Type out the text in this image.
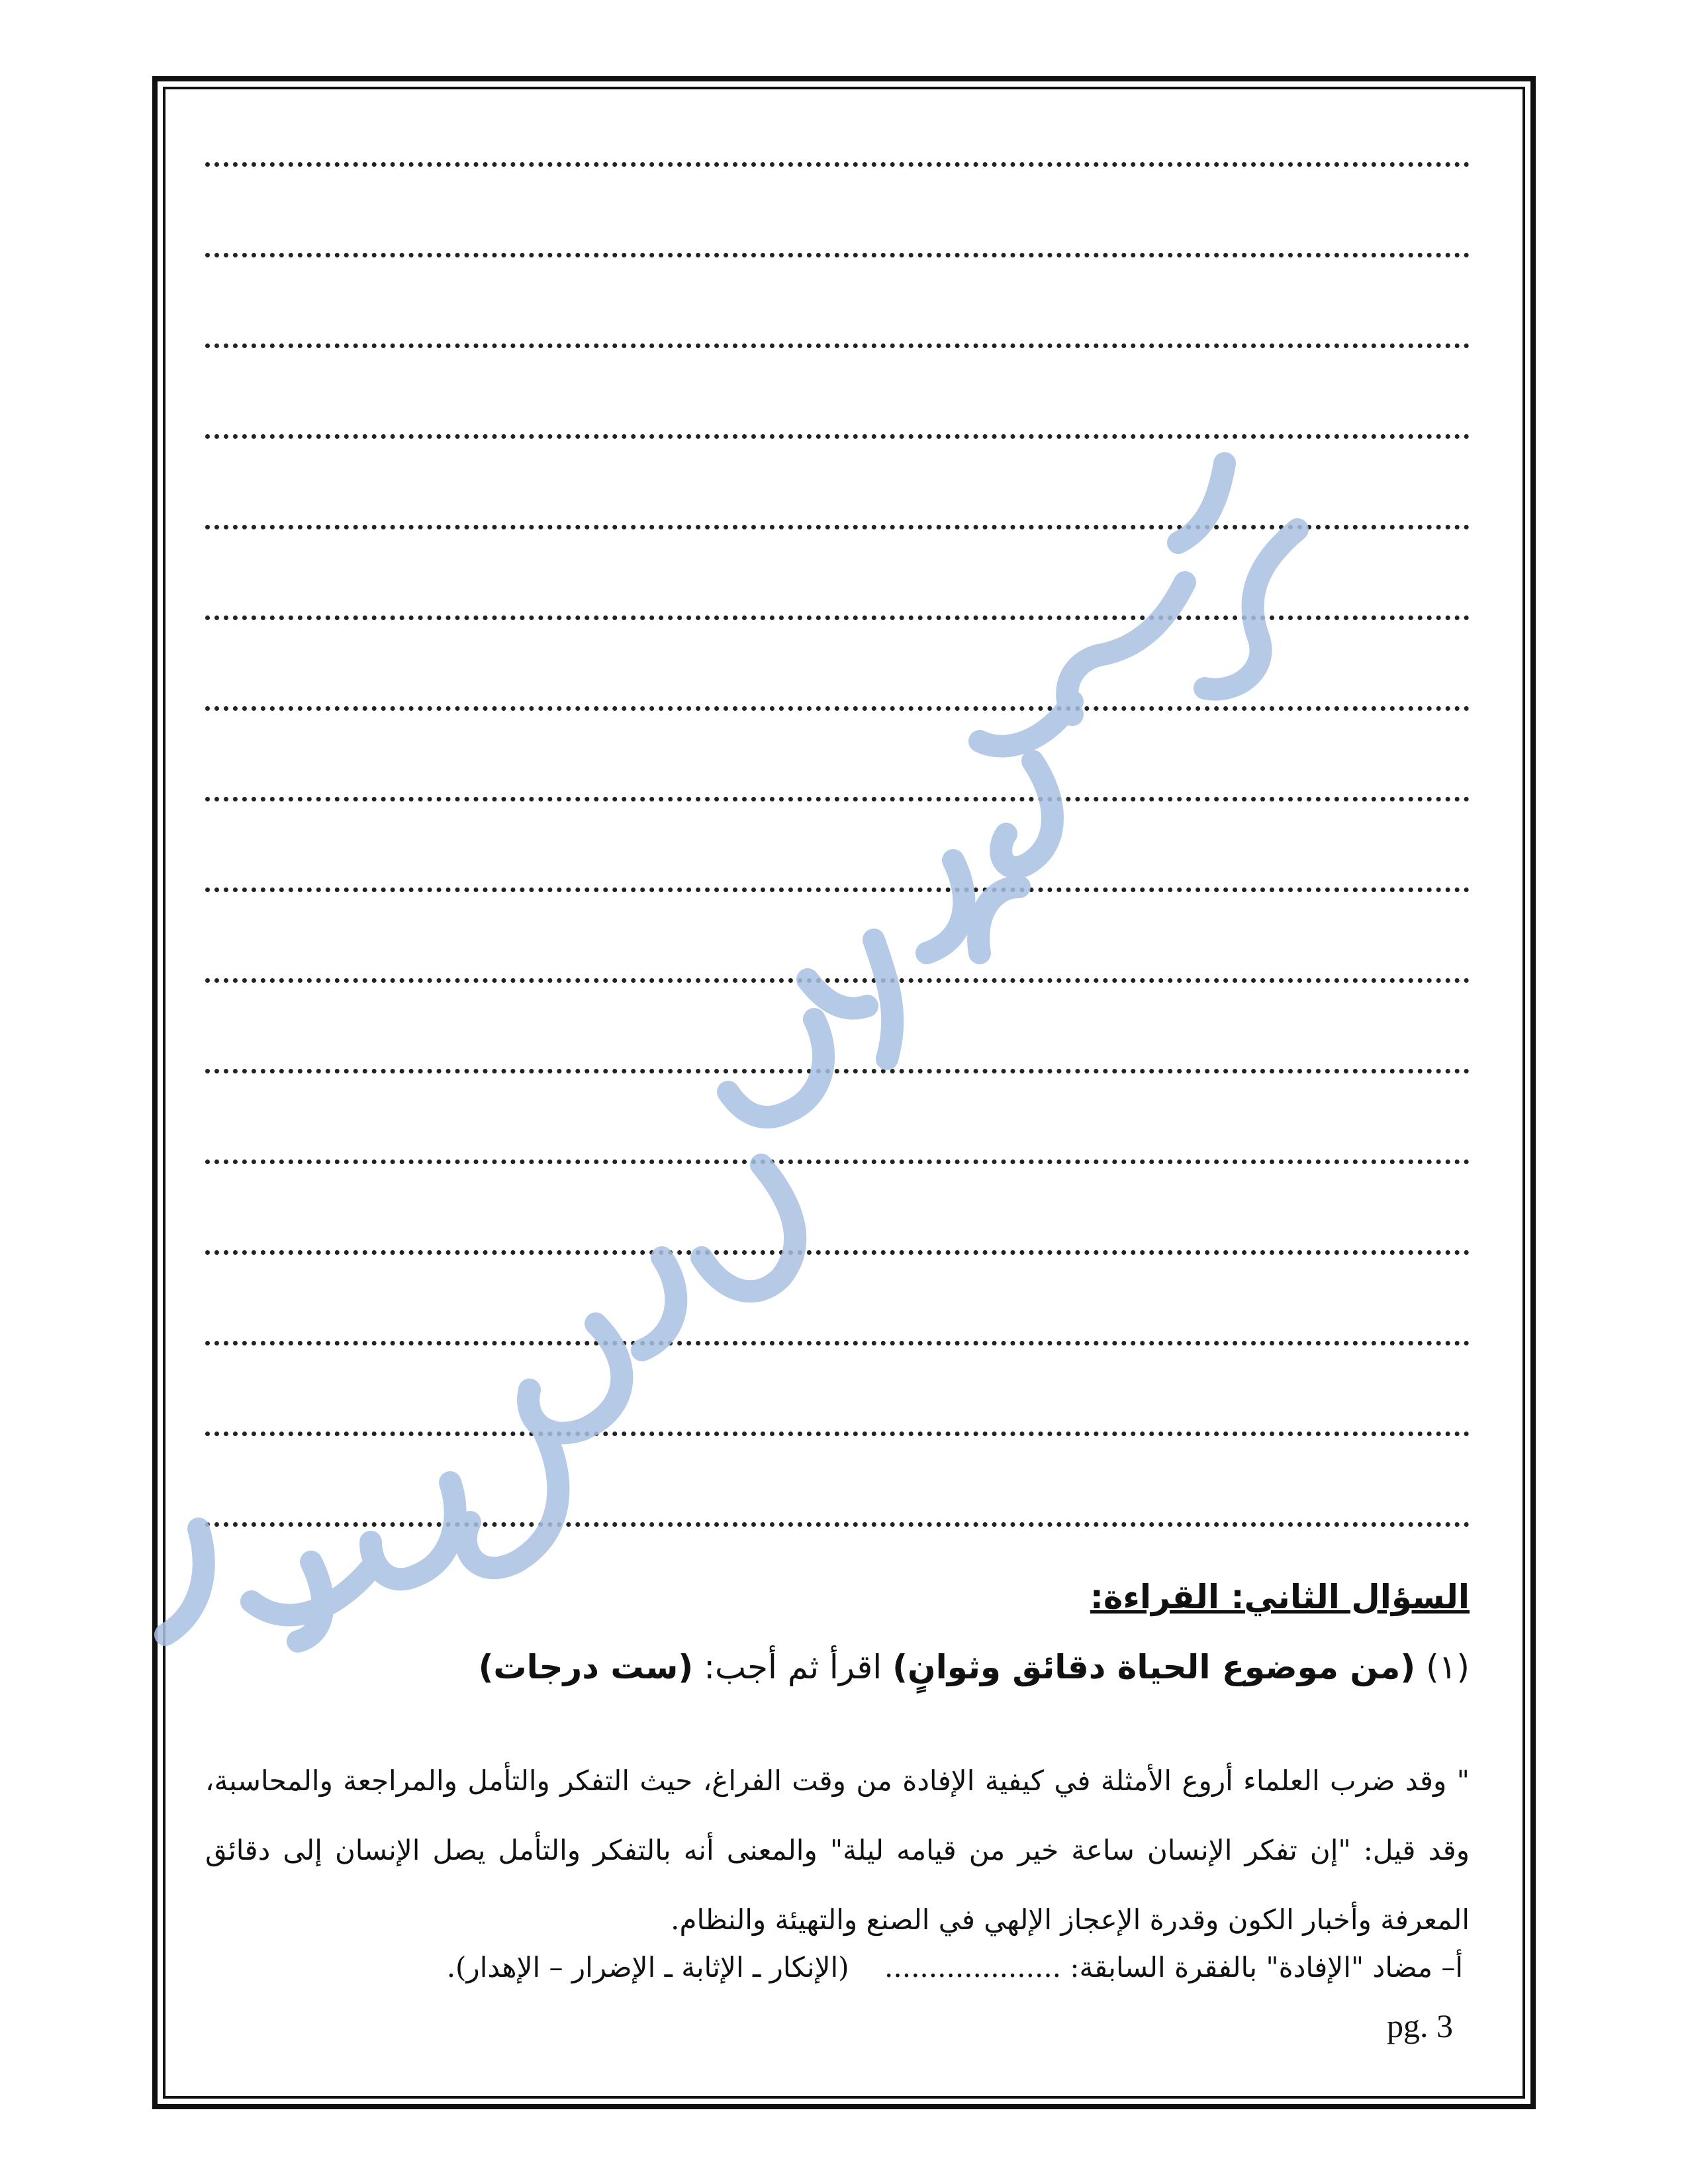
السؤال الثاني: القراءة:
(١) (من موضوع الحياة دقائق وثوانٍ) اقرأ ثم أجب: (ست درجات)
" وقد ضرب العلماء أروع الأمثلة في كيفية الإفادة من وقت الفراغ، حيث التفكر والتأمل والمراجعة والمحاسبة، وقد قيل: "إن تفكر الإنسان ساعة خير من قيامه ليلة" والمعنى أنه بالتفكر والتأمل يصل الإنسان إلى دقائق المعرفة وأخبار الكون وقدرة الإعجاز الإلهي في الصنع والتهيئة والنظام.
أ– مضاد "الإفادة" بالفقرة السابقة: ....................    (الإنكار ـ الإثابة ـ الإضرار – الإهدار).
pg. 3
